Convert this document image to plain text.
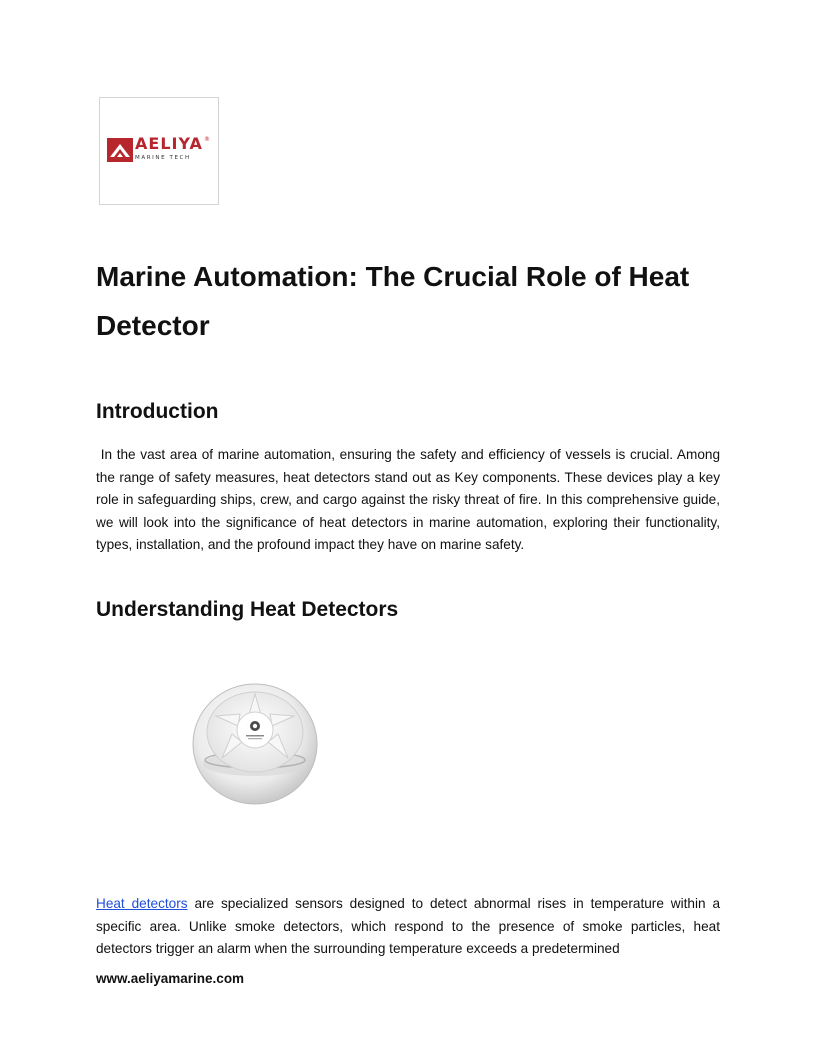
AELIYA ®
MARINE TECH
Marine Automation: The Crucial Role of Heat Detector
Introduction

In the vast area of marine automation, ensuring the safety and efficiency of vessels is crucial. Among the range of safety measures, heat detectors stand out as Key components. These devices play a key role in safeguarding ships, crew, and cargo against the risky threat of fire. In this comprehensive guide, we will look into the significance of heat detectors in marine automation, exploring their functionality, types, installation, and the profound impact they have on marine safety.

Understanding Heat Detectors

Heat detectors are specialized sensors designed to detect abnormal rises in temperature within a specific area. Unlike smoke detectors, which respond to the presence of smoke particles, heat detectors trigger an alarm when the surrounding temperature exceeds a predetermined

www.aeliyamarine.com
